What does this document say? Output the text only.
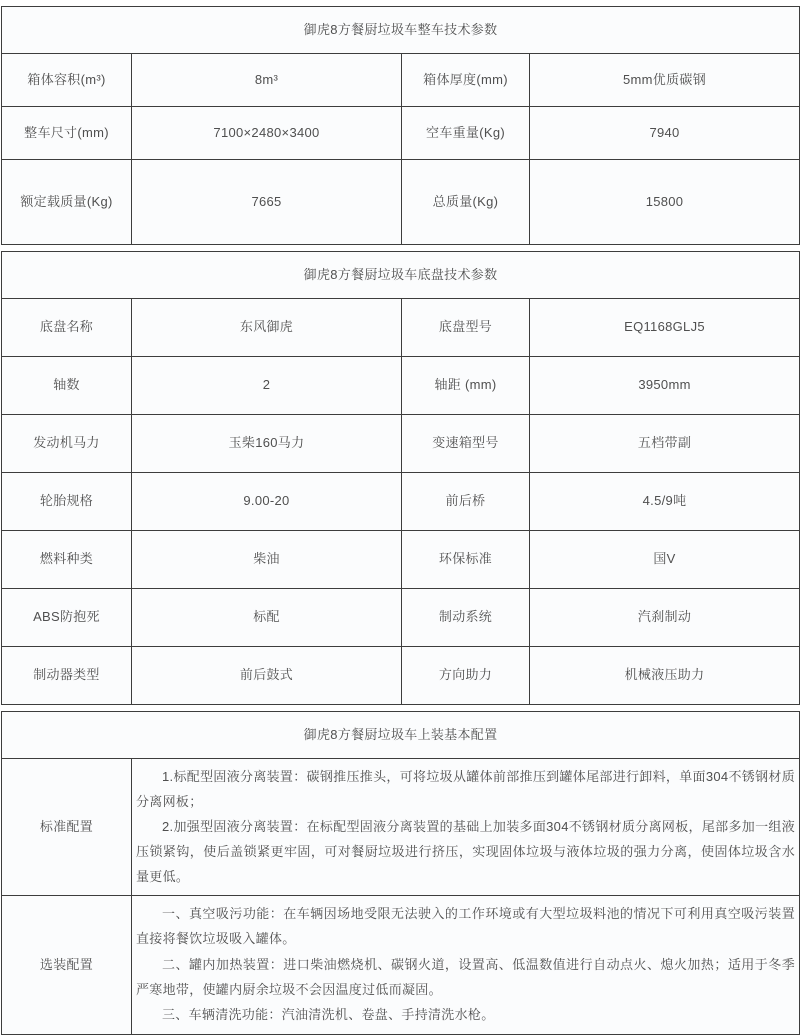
御虎8方餐厨垃圾车整车技术参数			
箱体容积(m³)	8m³	箱体厚度(mm)	5mm优质碳钢
整车尺寸(mm)	7100×2480×3400	空车重量(Kg)	7940
额定载质量(Kg)	7665	总质量(Kg)	15800
御虎8方餐厨垃圾车底盘技术参数			
底盘名称	东风御虎	底盘型号	EQ1168GLJ5
轴数	2	轴距 (mm)	3950mm
发动机马力	玉柴160马力	变速箱型号	五档带副
轮胎规格	9.00-20	前后桥	4.5/9吨
燃料种类	柴油	环保标准	国V
ABS防抱死	标配	制动系统	汽刹制动
制动器类型	前后鼓式	方向助力	机械液压助力
御虎8方餐厨垃圾车上装基本配置	
标准配置	1.标配型固液分离装置：碳钢推压推头，可将垃圾从罐体前部推压到罐体尾部进行卸料，单面304不锈钢材质分离网板；

2.加强型固液分离装置：在标配型固液分离装置的基础上加装多面304不锈钢材质分离网板，尾部多加一组液压锁紧钩，使后盖锁紧更牢固，可对餐厨垃圾进行挤压，实现固体垃圾与液体垃圾的强力分离，使固体垃圾含水量更低。

选装配置	一、真空吸污功能：在车辆因场地受限无法驶入的工作环境或有大型垃圾料池的情况下可利用真空吸污装置直接将餐饮垃圾吸入罐体。

二、罐内加热装置：进口柴油燃烧机、碳钢火道，设置高、低温数值进行自动点火、熄火加热；适用于冬季严寒地带，使罐内厨余垃圾不会因温度过低而凝固。

三、车辆清洗功能：汽油清洗机、卷盘、手持清洗水枪。
